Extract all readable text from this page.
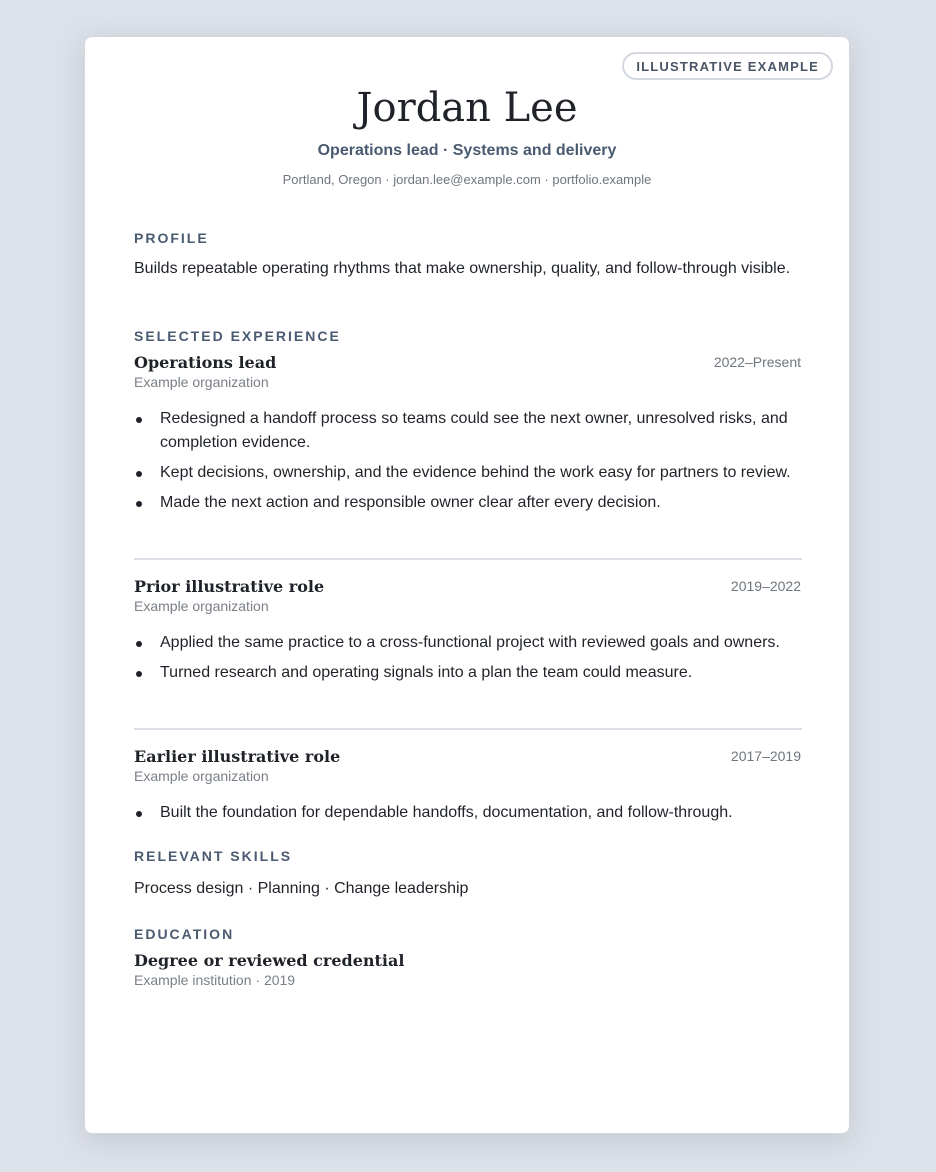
ILLUSTRATIVE EXAMPLE
Jordan Lee
Operations lead · Systems and delivery
Portland, Oregon · jordan.lee@example.com · portfolio.example
PROFILE
Builds repeatable operating rhythms that make ownership, quality, and follow-through visible.
SELECTED EXPERIENCE
Operations lead	2022–Present
Example organization
Redesigned a handoff process so teams could see the next owner, unresolved risks, and completion evidence.
Kept decisions, ownership, and the evidence behind the work easy for partners to review.
Made the next action and responsible owner clear after every decision.
Prior illustrative role	2019–2022
Example organization
Applied the same practice to a cross-functional project with reviewed goals and owners.
Turned research and operating signals into a plan the team could measure.
Earlier illustrative role	2017–2019
Example organization
Built the foundation for dependable handoffs, documentation, and follow-through.
RELEVANT SKILLS
Process design · Planning · Change leadership
EDUCATION
Degree or reviewed credential
Example institution · 2019
